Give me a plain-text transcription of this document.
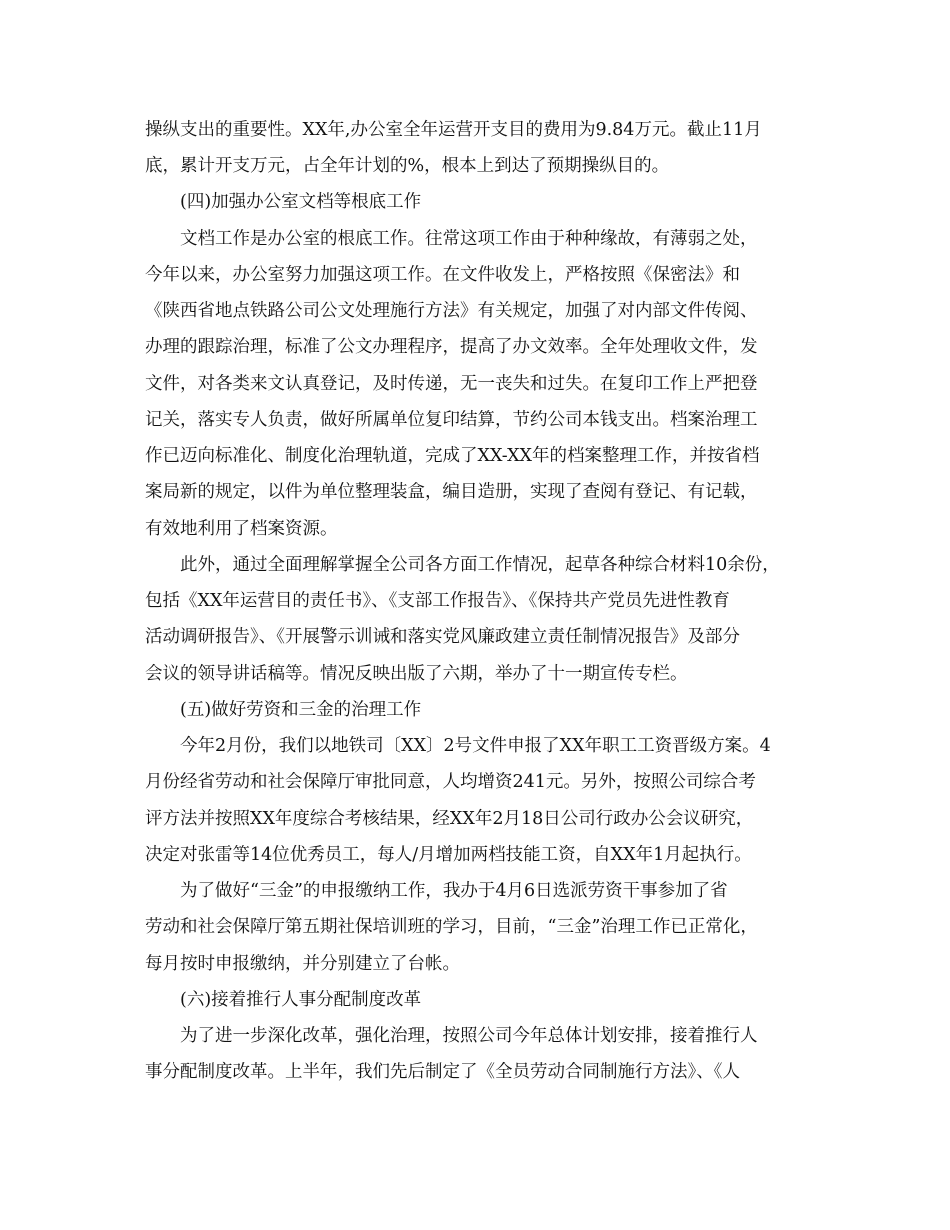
操纵支出的重要性。XX年,办公室全年运营开支目的费用为9.84万元。截止11月
底，累计开支万元，占全年计划的%，根本上到达了预期操纵目的。
(四)加强办公室文档等根底工作
文档工作是办公室的根底工作。往常这项工作由于种种缘故，有薄弱之处，
今年以来，办公室努力加强这项工作。在文件收发上，严格按照《保密法》和
《陕西省地点铁路公司公文处理施行方法》有关规定，加强了对内部文件传阅、
办理的跟踪治理，标准了公文办理程序，提高了办文效率。全年处理收文件，发
文件，对各类来文认真登记，及时传递，无一丧失和过失。在复印工作上严把登
记关，落实专人负责，做好所属单位复印结算，节约公司本钱支出。档案治理工
作已迈向标准化、制度化治理轨道，完成了XX-XX年的档案整理工作，并按省档
案局新的规定，以件为单位整理装盒，编目造册，实现了查阅有登记、有记载，
有效地利用了档案资源。
此外，通过全面理解掌握全公司各方面工作情况，起草各种综合材料10余份，
包括《XX年运营目的责任书》、《支部工作报告》、《保持共产党员先进性教育
活动调研报告》、《开展警示训诫和落实党风廉政建立责任制情况报告》及部分
会议的领导讲话稿等。情况反映出版了六期，举办了十一期宣传专栏。
(五)做好劳资和三金的治理工作
今年2月份，我们以地铁司〔XX〕2号文件申报了XX年职工工资晋级方案。4
月份经省劳动和社会保障厅审批同意，人均增资241元。另外，按照公司综合考
评方法并按照XX年度综合考核结果，经XX年2月18日公司行政办公会议研究，
决定对张雷等14位优秀员工，每人/月增加两档技能工资，自XX年1月起执行。
为了做好“三金”的申报缴纳工作，我办于4月6日选派劳资干事参加了省
劳动和社会保障厅第五期社保培训班的学习，目前，“三金”治理工作已正常化，
每月按时申报缴纳，并分别建立了台帐。
(六)接着推行人事分配制度改革
为了进一步深化改革，强化治理，按照公司今年总体计划安排，接着推行人
事分配制度改革。上半年，我们先后制定了《全员劳动合同制施行方法》、《人
